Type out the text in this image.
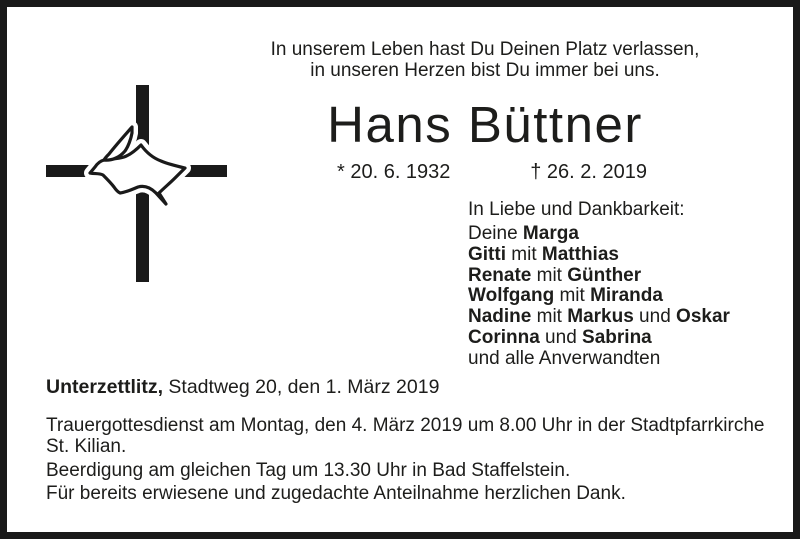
In unserem Leben hast Du Deinen Platz verlassen,
in unseren Herzen bist Du immer bei uns.
Hans Büttner
* 20. 6. 1932	† 26. 2. 2019
In Liebe und Dankbarkeit:
Deine Marga
Gitti mit Matthias
Renate mit Günther
Wolfgang mit Miranda
Nadine mit Markus und Oskar
Corinna und Sabrina
und alle Anverwandten
Unterzettlitz, Stadtweg 20, den 1. März 2019
Trauergottesdienst am Montag, den 4. März 2019 um 8.00 Uhr in der Stadtpfarrkirche
St. Kilian.
Beerdigung am gleichen Tag um 13.30 Uhr in Bad Staffelstein.
Für bereits erwiesene und zugedachte Anteilnahme herzlichen Dank.
